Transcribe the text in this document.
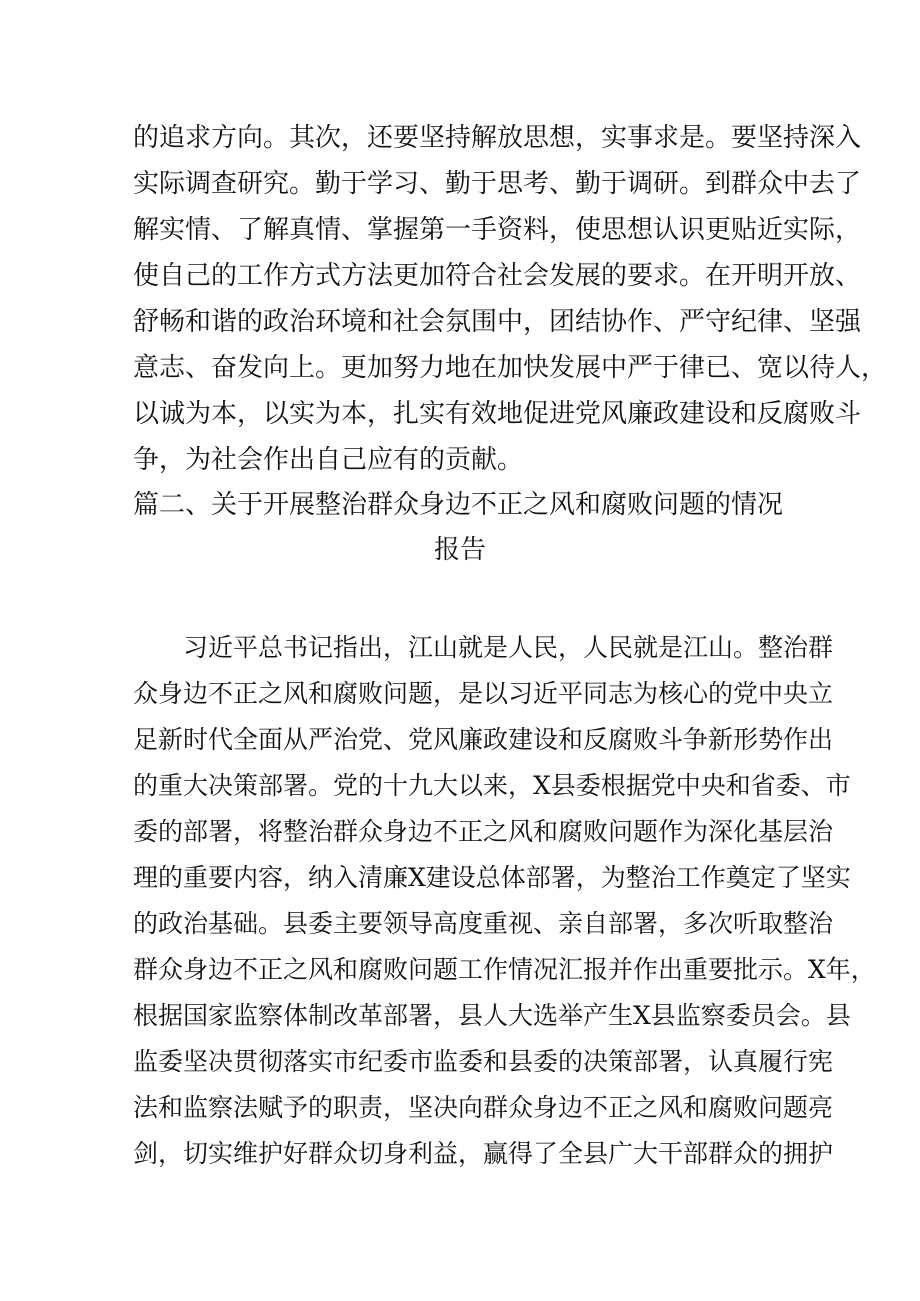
的追求方向。其次，还要坚持解放思想，实事求是。要坚持深入
实际调查研究。勤于学习、勤于思考、勤于调研。到群众中去了
解实情、了解真情、掌握第一手资料，使思想认识更贴近实际，
使自己的工作方式方法更加符合社会发展的要求。在开明开放、
舒畅和谐的政治环境和社会氛围中，团结协作、严守纪律、坚强
意志、奋发向上。更加努力地在加快发展中严于律已、宽以待人，
以诚为本，以实为本，扎实有效地促进党风廉政建设和反腐败斗
争，为社会作出自己应有的贡献。
篇二、关于开展整治群众身边不正之风和腐败问题的情况
报告
习近平总书记指出，江山就是人民，人民就是江山。整治群
众身边不正之风和腐败问题，是以习近平同志为核心的党中央立
足新时代全面从严治党、党风廉政建设和反腐败斗争新形势作出
的重大决策部署。党的十九大以来，X县委根据党中央和省委、市
委的部署，将整治群众身边不正之风和腐败问题作为深化基层治
理的重要内容，纳入清廉X建设总体部署，为整治工作奠定了坚实
的政治基础。县委主要领导高度重视、亲自部署，多次听取整治
群众身边不正之风和腐败问题工作情况汇报并作出重要批示。X年，
根据国家监察体制改革部署，县人大选举产生X县监察委员会。县
监委坚决贯彻落实市纪委市监委和县委的决策部署，认真履行宪
法和监察法赋予的职责，坚决向群众身边不正之风和腐败问题亮
剑，切实维护好群众切身利益，赢得了全县广大干部群众的拥护
